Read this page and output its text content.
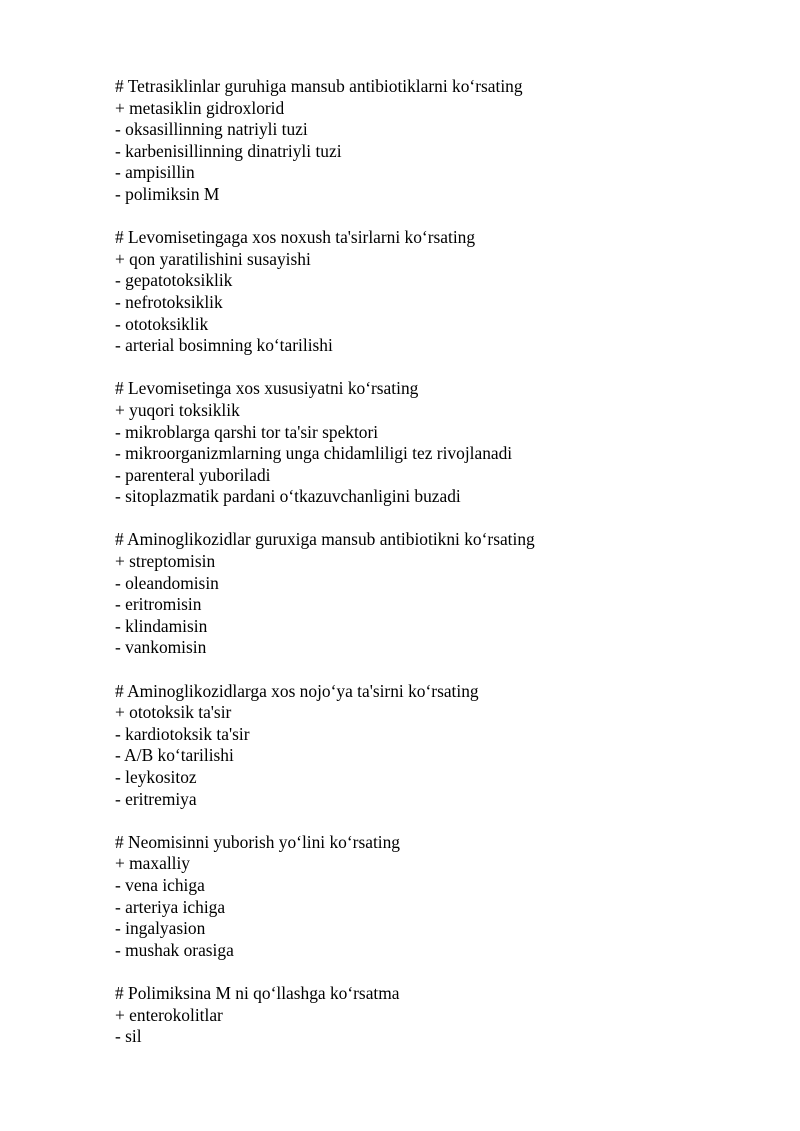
# Tetrasiklinlar guruhiga mansub antibiotiklarni ko‘rsating
+ metasiklin gidroxlorid
- oksasillinning natriyli tuzi
- karbenisillinning dinatriyli tuzi
- ampisillin
- polimiksin M
# Levomisetingaga xos noxush ta'sirlarni ko‘rsating
+ qon yaratilishini susayishi
- gepatotoksiklik
- nefrotoksiklik
- ototoksiklik
- arterial bosimning ko‘tarilishi
# Levomisetinga xos xususiyatni ko‘rsating
+ yuqori toksiklik
- mikroblarga qarshi tor ta'sir spektori
- mikroorganizmlarning unga chidamliligi tez rivojlanadi
- parenteral yuboriladi
- sitoplazmatik pardani o‘tkazuvchanligini buzadi
# Aminoglikozidlar guruxiga mansub antibiotikni ko‘rsating
+ streptomisin
- oleandomisin
- eritromisin
- klindamisin
- vankomisin
# Aminoglikozidlarga xos nojo‘ya ta'sirni ko‘rsating
+ ototoksik ta'sir
- kardiotoksik ta'sir
- A/B ko‘tarilishi
- leykositoz
- eritremiya
# Neomisinni yuborish yo‘lini ko‘rsating
+ maxalliy
- vena ichiga
- arteriya ichiga
- ingalyasion
- mushak orasiga
# Polimiksina M ni qo‘llashga ko‘rsatma
+ enterokolitlar
- sil
